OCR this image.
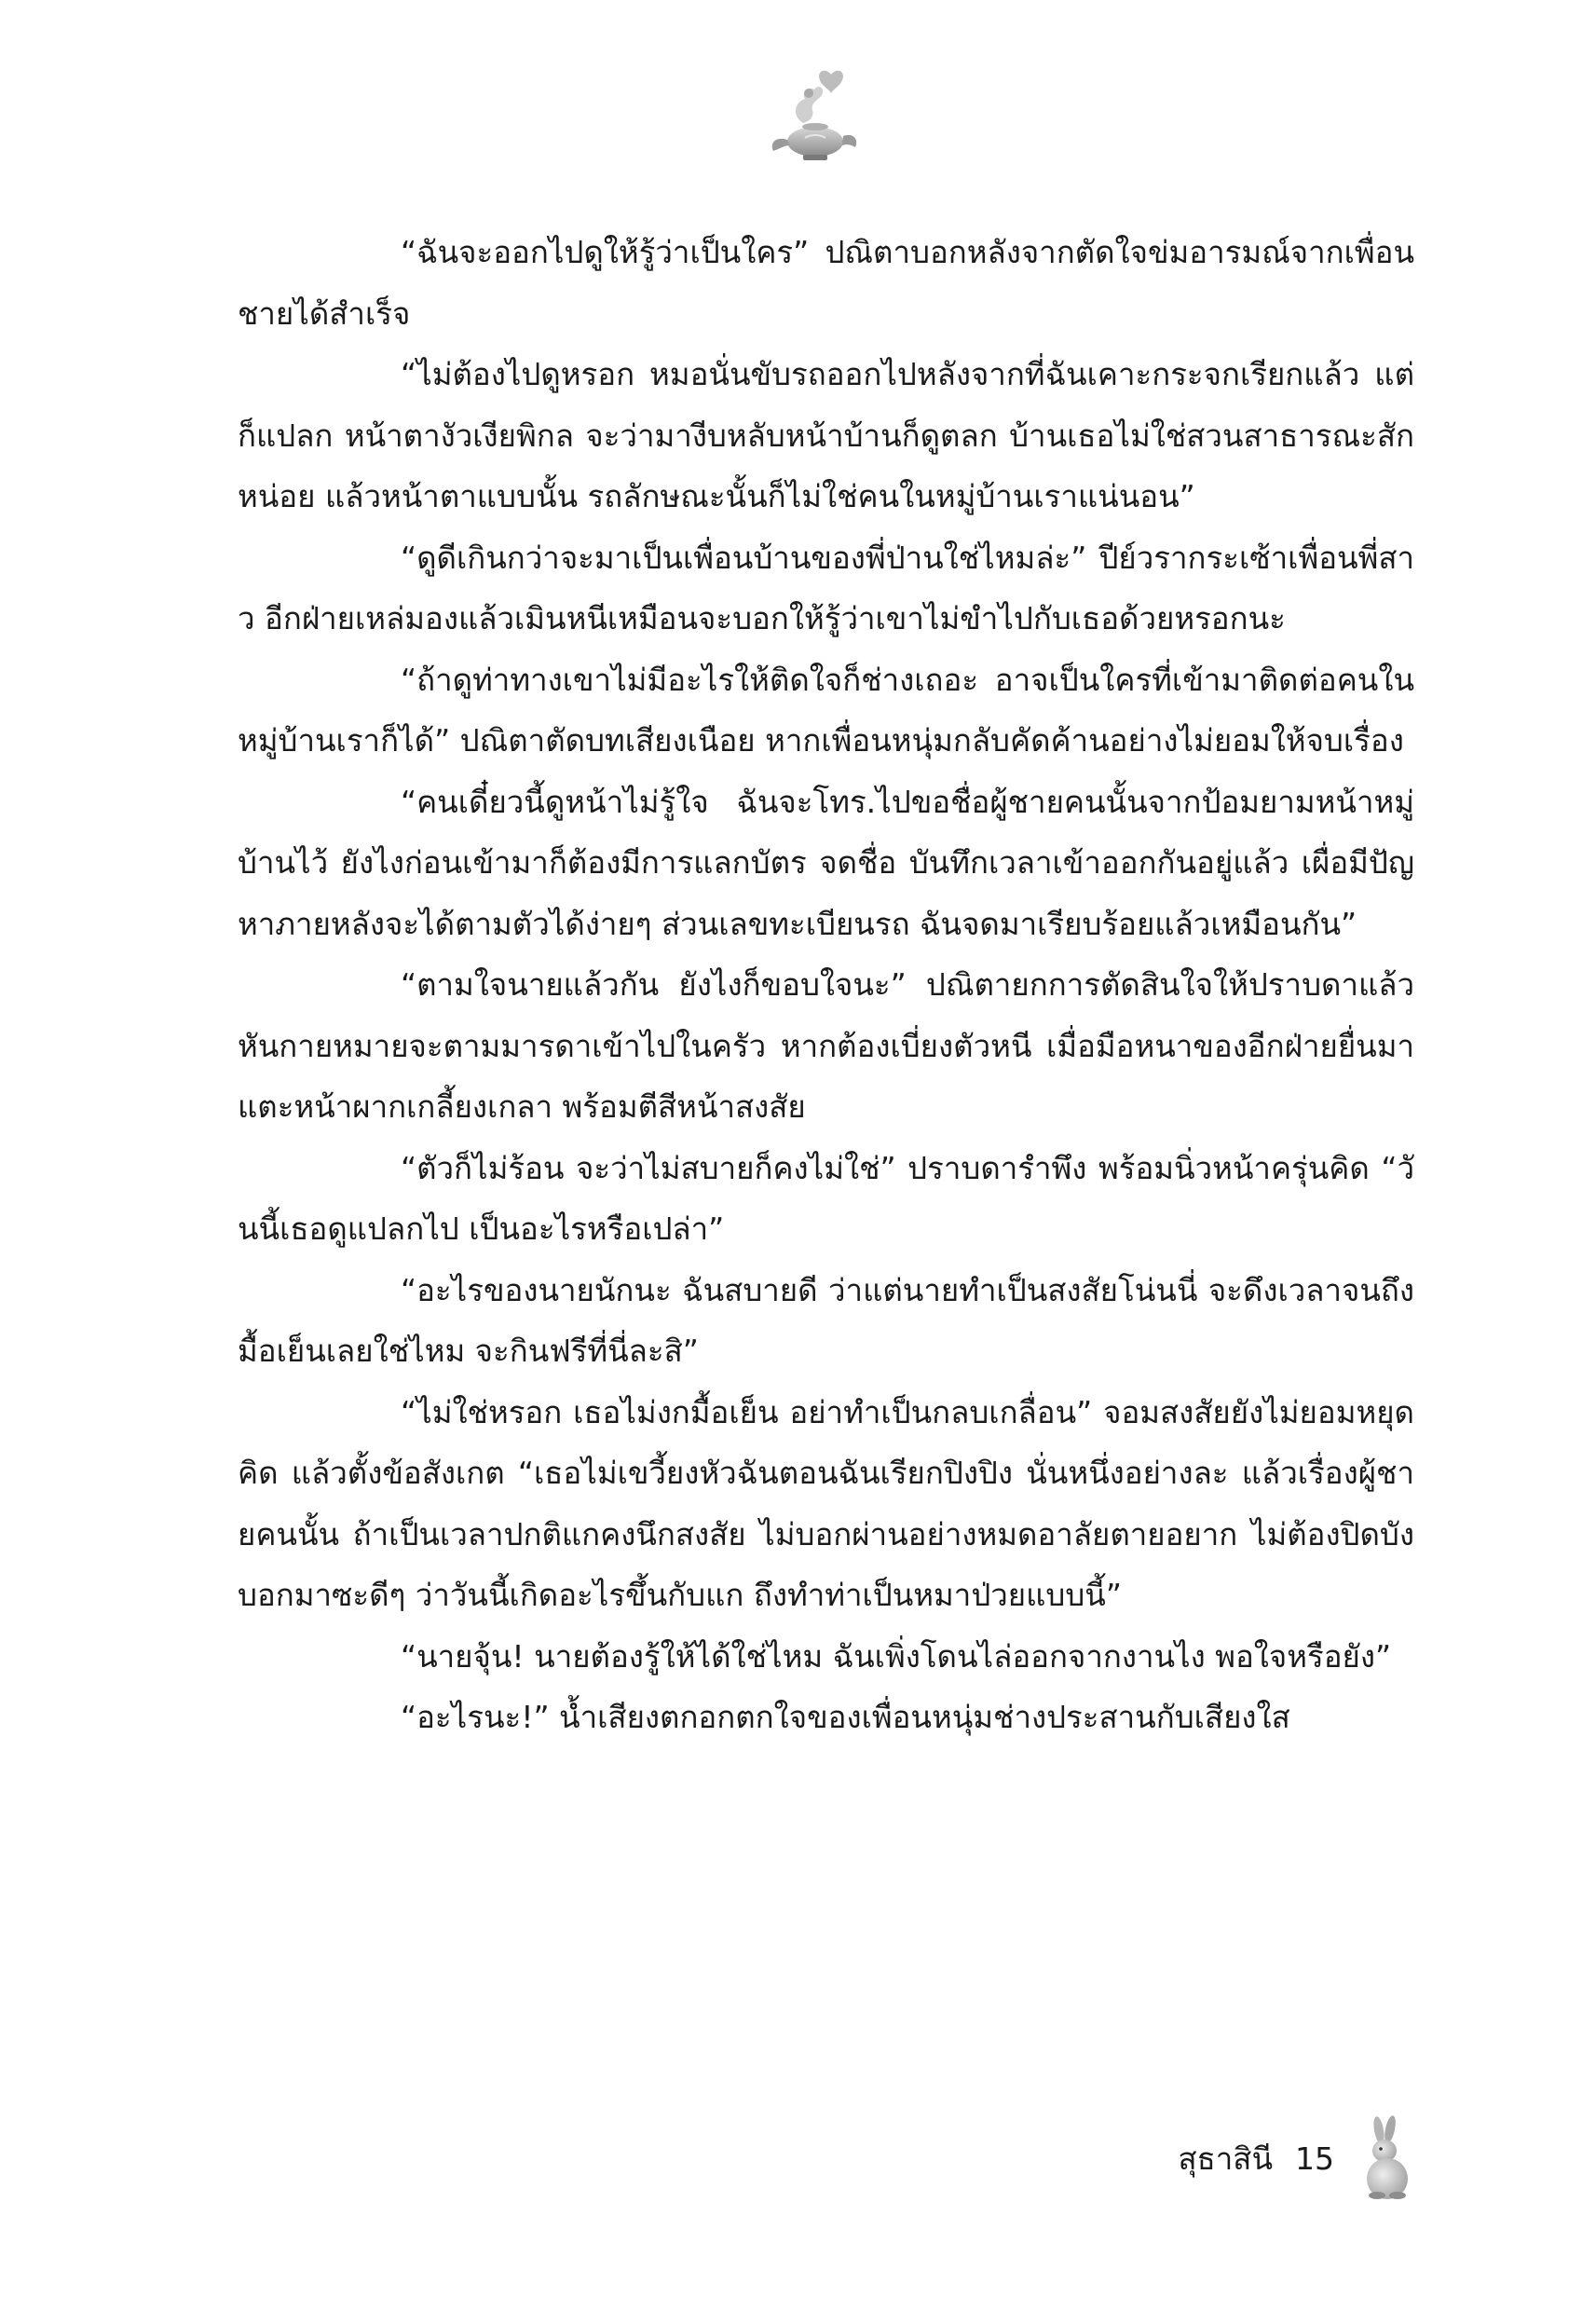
“ฉันจะออกไปดูให้รู้ว่าเป็นใคร” ปณิตาบอกหลังจากตัดใจข่มอารมณ์จากเพื่อนชายได้สำเร็จ

“ไม่ต้องไปดูหรอก หมอนั่นขับรถออกไปหลังจากที่ฉันเคาะกระจกเรียกแล้ว แต่ก็แปลก หน้าตางัวเงียพิกล จะว่ามางีบหลับหน้าบ้านก็ดูตลก บ้านเธอไม่ใช่สวนสาธารณะสักหน่อย แล้วหน้าตาแบบนั้น รถลักษณะนั้นก็ไม่ใช่คนในหมู่บ้านเราแน่นอน”

“ดูดีเกินกว่าจะมาเป็นเพื่อนบ้านของพี่ป่านใช่ไหมล่ะ” ปีย์วรากระเซ้าเพื่อนพี่สาว อีกฝ่ายเหล่มองแล้วเมินหนีเหมือนจะบอกให้รู้ว่าเขาไม่ขำไปกับเธอด้วยหรอกนะ

“ถ้าดูท่าทางเขาไม่มีอะไรให้ติดใจก็ช่างเถอะ อาจเป็นใครที่เข้ามาติดต่อคนในหมู่บ้านเราก็ได้” ปณิตาตัดบทเสียงเนือย หากเพื่อนหนุ่มกลับคัดค้านอย่างไม่ยอมให้จบเรื่อง

“คนเดี๋ยวนี้ดูหน้าไม่รู้ใจ ฉันจะโทร.ไปขอชื่อผู้ชายคนนั้นจากป้อมยามหน้าหมู่บ้านไว้ ยังไงก่อนเข้ามาก็ต้องมีการแลกบัตร จดชื่อ บันทึกเวลาเข้าออกกันอยู่แล้ว เผื่อมีปัญหาภายหลังจะได้ตามตัวได้ง่ายๆ ส่วนเลขทะเบียนรถ ฉันจดมาเรียบร้อยแล้วเหมือนกัน”

“ตามใจนายแล้วกัน ยังไงก็ขอบใจนะ” ปณิตายกการตัดสินใจให้ปราบดาแล้วหันกายหมายจะตามมารดาเข้าไปในครัว หากต้องเบี่ยงตัวหนี เมื่อมือหนาของอีกฝ่ายยื่นมาแตะหน้าผากเกลี้ยงเกลา พร้อมตีสีหน้าสงสัย

“ตัวก็ไม่ร้อน จะว่าไม่สบายก็คงไม่ใช่” ปราบดารำพึง พร้อมนิ่วหน้าครุ่นคิด “วันนี้เธอดูแปลกไป เป็นอะไรหรือเปล่า”

“อะไรของนายนักนะ ฉันสบายดี ว่าแต่นายทำเป็นสงสัยโน่นนี่ จะดึงเวลาจนถึงมื้อเย็นเลยใช่ไหม จะกินฟรีที่นี่ละสิ”

“ไม่ใช่หรอก เธอไม่งกมื้อเย็น อย่าทำเป็นกลบเกลื่อน” จอมสงสัยยังไม่ยอมหยุดคิด แล้วตั้งข้อสังเกต “เธอไม่เขวี้ยงหัวฉันตอนฉันเรียกปิงปิง นั่นหนึ่งอย่างละ แล้วเรื่องผู้ชายคนนั้น ถ้าเป็นเวลาปกติแกคงนึกสงสัย ไม่บอกผ่านอย่างหมดอาลัยตายอยาก ไม่ต้องปิดบัง บอกมาซะดีๆ ว่าวันนี้เกิดอะไรขึ้นกับแก ถึงทำท่าเป็นหมาป่วยแบบนี้”

“นายจุ้น! นายต้องรู้ให้ได้ใช่ไหม ฉันเพิ่งโดนไล่ออกจากงานไง พอใจหรือยัง”

“อะไรนะ!” น้ำเสียงตกอกตกใจของเพื่อนหนุ่มช่างประสานกับเสียงใส

สุธาสินี 15
